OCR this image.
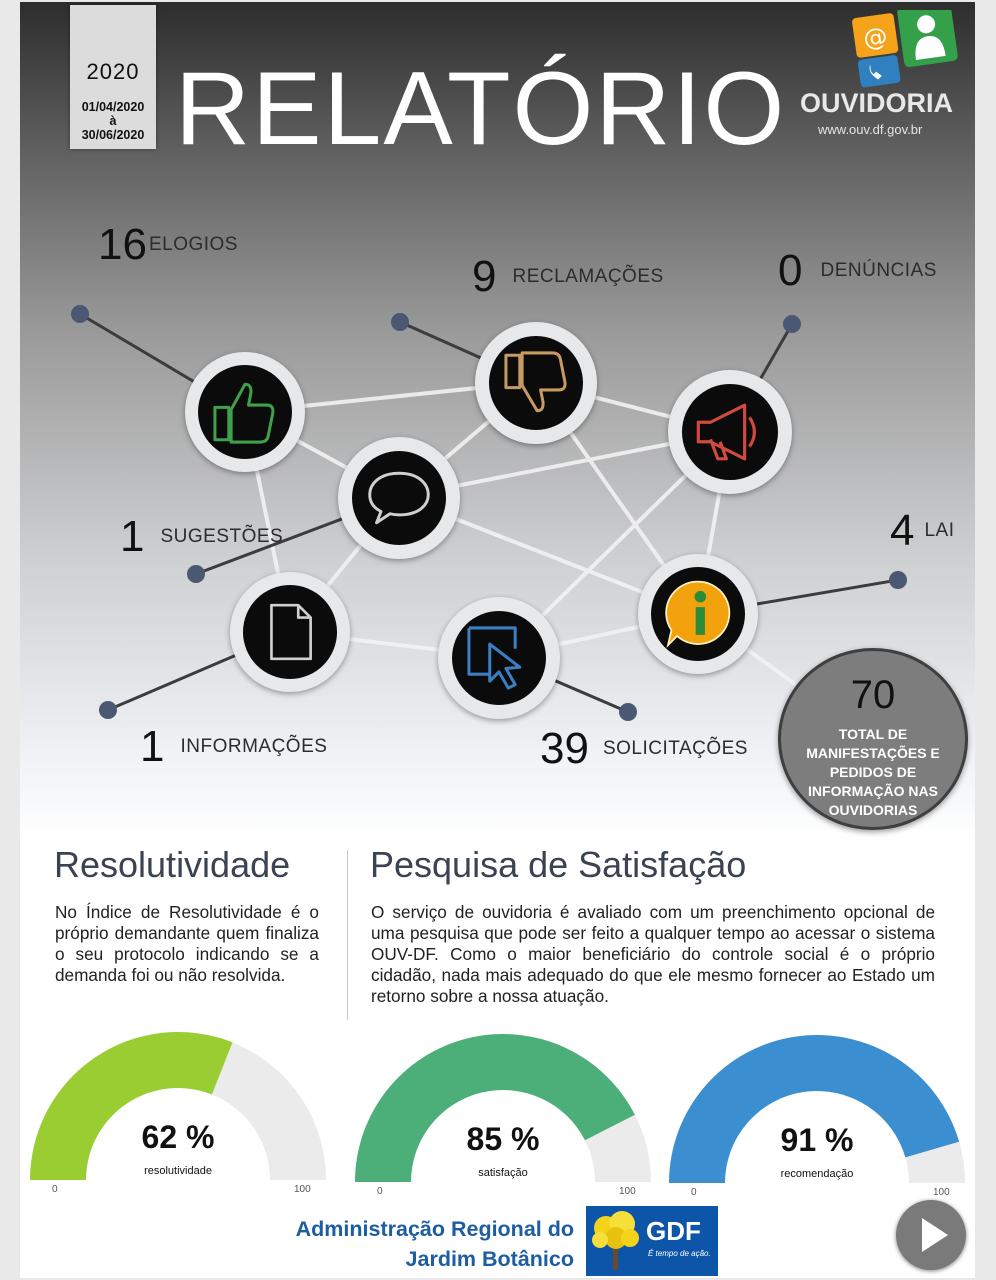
2020
01/04/2020
à
30/06/2020 RELATÓRIO
@
OUVIDORIA
www.ouv.df.gov.br
16 ELOGIOS
9 RECLAMAÇÕES	0 DENÚNCIAS
1 SUGESTÕES	4 LAI
1 INFORMAÇÕES	39 SOLICITAÇÕES
70
TOTAL DE MANIFESTAÇÕES E PEDIDOS DE INFORMAÇÃO NAS OUVIDORIAS
Resolutividade
No Índice de Resolutividade é o próprio demandante quem finaliza o seu protocolo indicando se a demanda foi ou não resolvida.
Pesquisa de Satisfação
O serviço de ouvidoria é avaliado com um preenchimento opcional de uma pesquisa que pode ser feito a qualquer tempo ao acessar o sistema OUV-DF. Como o maior beneficiário do controle social é o próprio cidadão, nada mais adequado do que ele mesmo fornecer ao Estado um retorno sobre a nossa atuação.
62 %
resolutividade
0	100
85 %
satisfação
0	100
91 %
recomendação
0	100
Administração Regional do
Jardim Botânico
GDF
É tempo de ação.
